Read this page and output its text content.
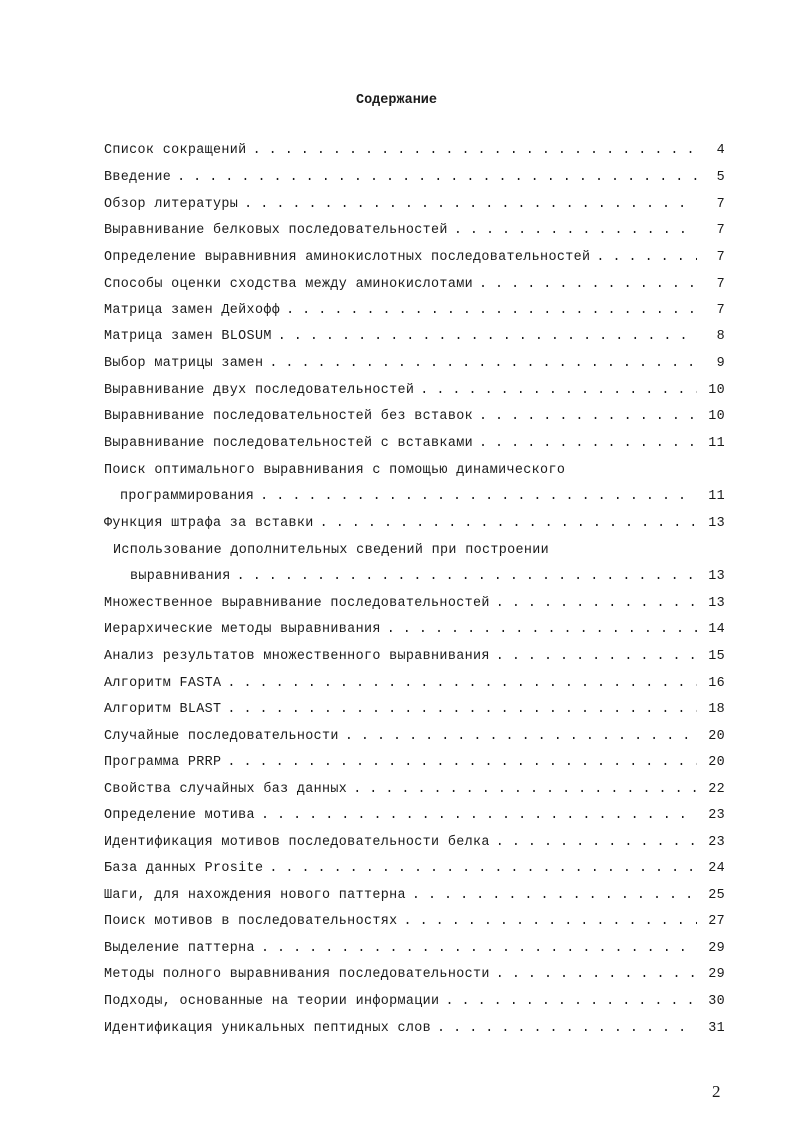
Содержание
Список сокращений . . .	4
Введение . . .	5
Обзор литературы . . .	7
Выравнивание белковых последовательностей . . .	7
Определение выравнивния аминокислотных последовательностей . . .	7
Способы оценки сходства между аминокислотами . . .	7
Матрица замен Дейхофф . . .	7
Матрица замен BLOSUM . . .	8
Выбор матрицы замен . . .	9
Выравнивание двух последовательностей . . .	10
Выравнивание последовательностей без вставок . . .	10
Выравнивание последовательностей с вставками . . .	11
Поиск оптимального выравнивания с помощью динамического
программирования . . .	11
Функция штрафа за вставки . . .	13
Использование дополнительных сведений при построении
выравнивания . . .	13
Множественное выравнивание последовательностей . . .	13
Иерархические методы выравнивания . . .	14
Анализ результатов множественного выравнивания . . .	15
Алгоритм FASTA . . .	16
Алгоритм BLAST . . .	18
Случайные последовательности . . .	20
Программа PRRP . . .	20
Свойства случайных баз данных . . .	22
Определение мотива . . .	23
Идентификация мотивов последовательности белка . . .	23
База данных Prosite . . .	24
Шаги, для нахождения нового паттерна . . .	25
Поиск мотивов в последовательностях . . .	27
Выделение паттерна . . .	29
Методы полного выравнивания последовательности . . .	29
Подходы, основанные на теории информации . . .	30
Идентификация уникальных пептидных слов . . .	31
2
